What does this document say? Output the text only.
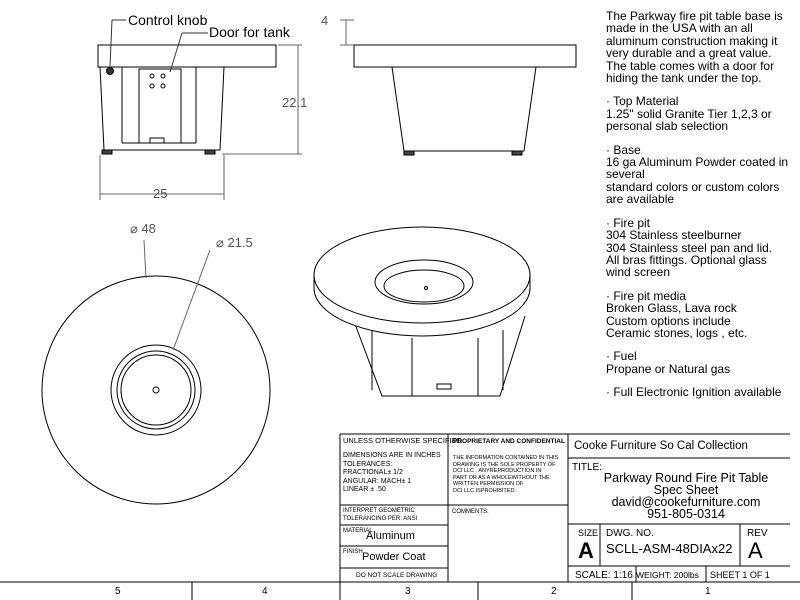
Control knob
Door for tank
4
22.1
25
⌀ 48
⌀ 21.5

The Parkway fire pit table base is made in the USA with an all aluminum construction making it very durable and a great value. The table comes with a door for hiding the tank under the top.

· Top Material
1.25" solid Granite Tier 1,2,3 or personal slab selection

· Base
16 ga Aluminum Powder coated in several
standard colors or custom colors are available

· Fire pit
304 Stainless steelburner
304 Stainless steel pan and lid.
All bras fittings. Optional glass wind screen

· Fire pit media
Broken Glass, Lava rock
Custom options include
Ceramic stones, logs , etc.

· Fuel
Propane or Natural gas

· Full Electronic Ignition available

UNLESS OTHERWISE SPECIFIED:
DIMENSIONS ARE IN INCHES
TOLERANCES:
FRACTIONAL± 1/2
ANGULAR: MACH± 1
LINEAR ± .50
INTERPRET GEOMETRIC
TOLERANCING PER: ANSI
MATERIAL
Aluminum
FINISH Powder Coat
DO NOT SCALE DRAWING
PROPRIETARY AND CONFIDENTIAL
THE INFORMATION CONTAINED IN THIS
DRAWING IS THE SOLE PROPERTY OF
DCI LLC . ANYREPRODUCTION IN
PART OR AS A WHOLEWITHOUT THE
WRITTEN PERMISSION OF
DCI LLC ISPROHIBITED.
COMMENTS:
Cooke Furniture So Cal Collection
TITLE:
Parkway Round Fire Pit Table
Spec Sheet
david@cookefurniture.com
951-805-0314
SIZE
A
DWG. NO.
SCLL-ASM-48DIAx22
REV
A
SCALE: 1:16 WEIGHT: 200lbs SHEET 1 OF 1
5	4	3	2	1
